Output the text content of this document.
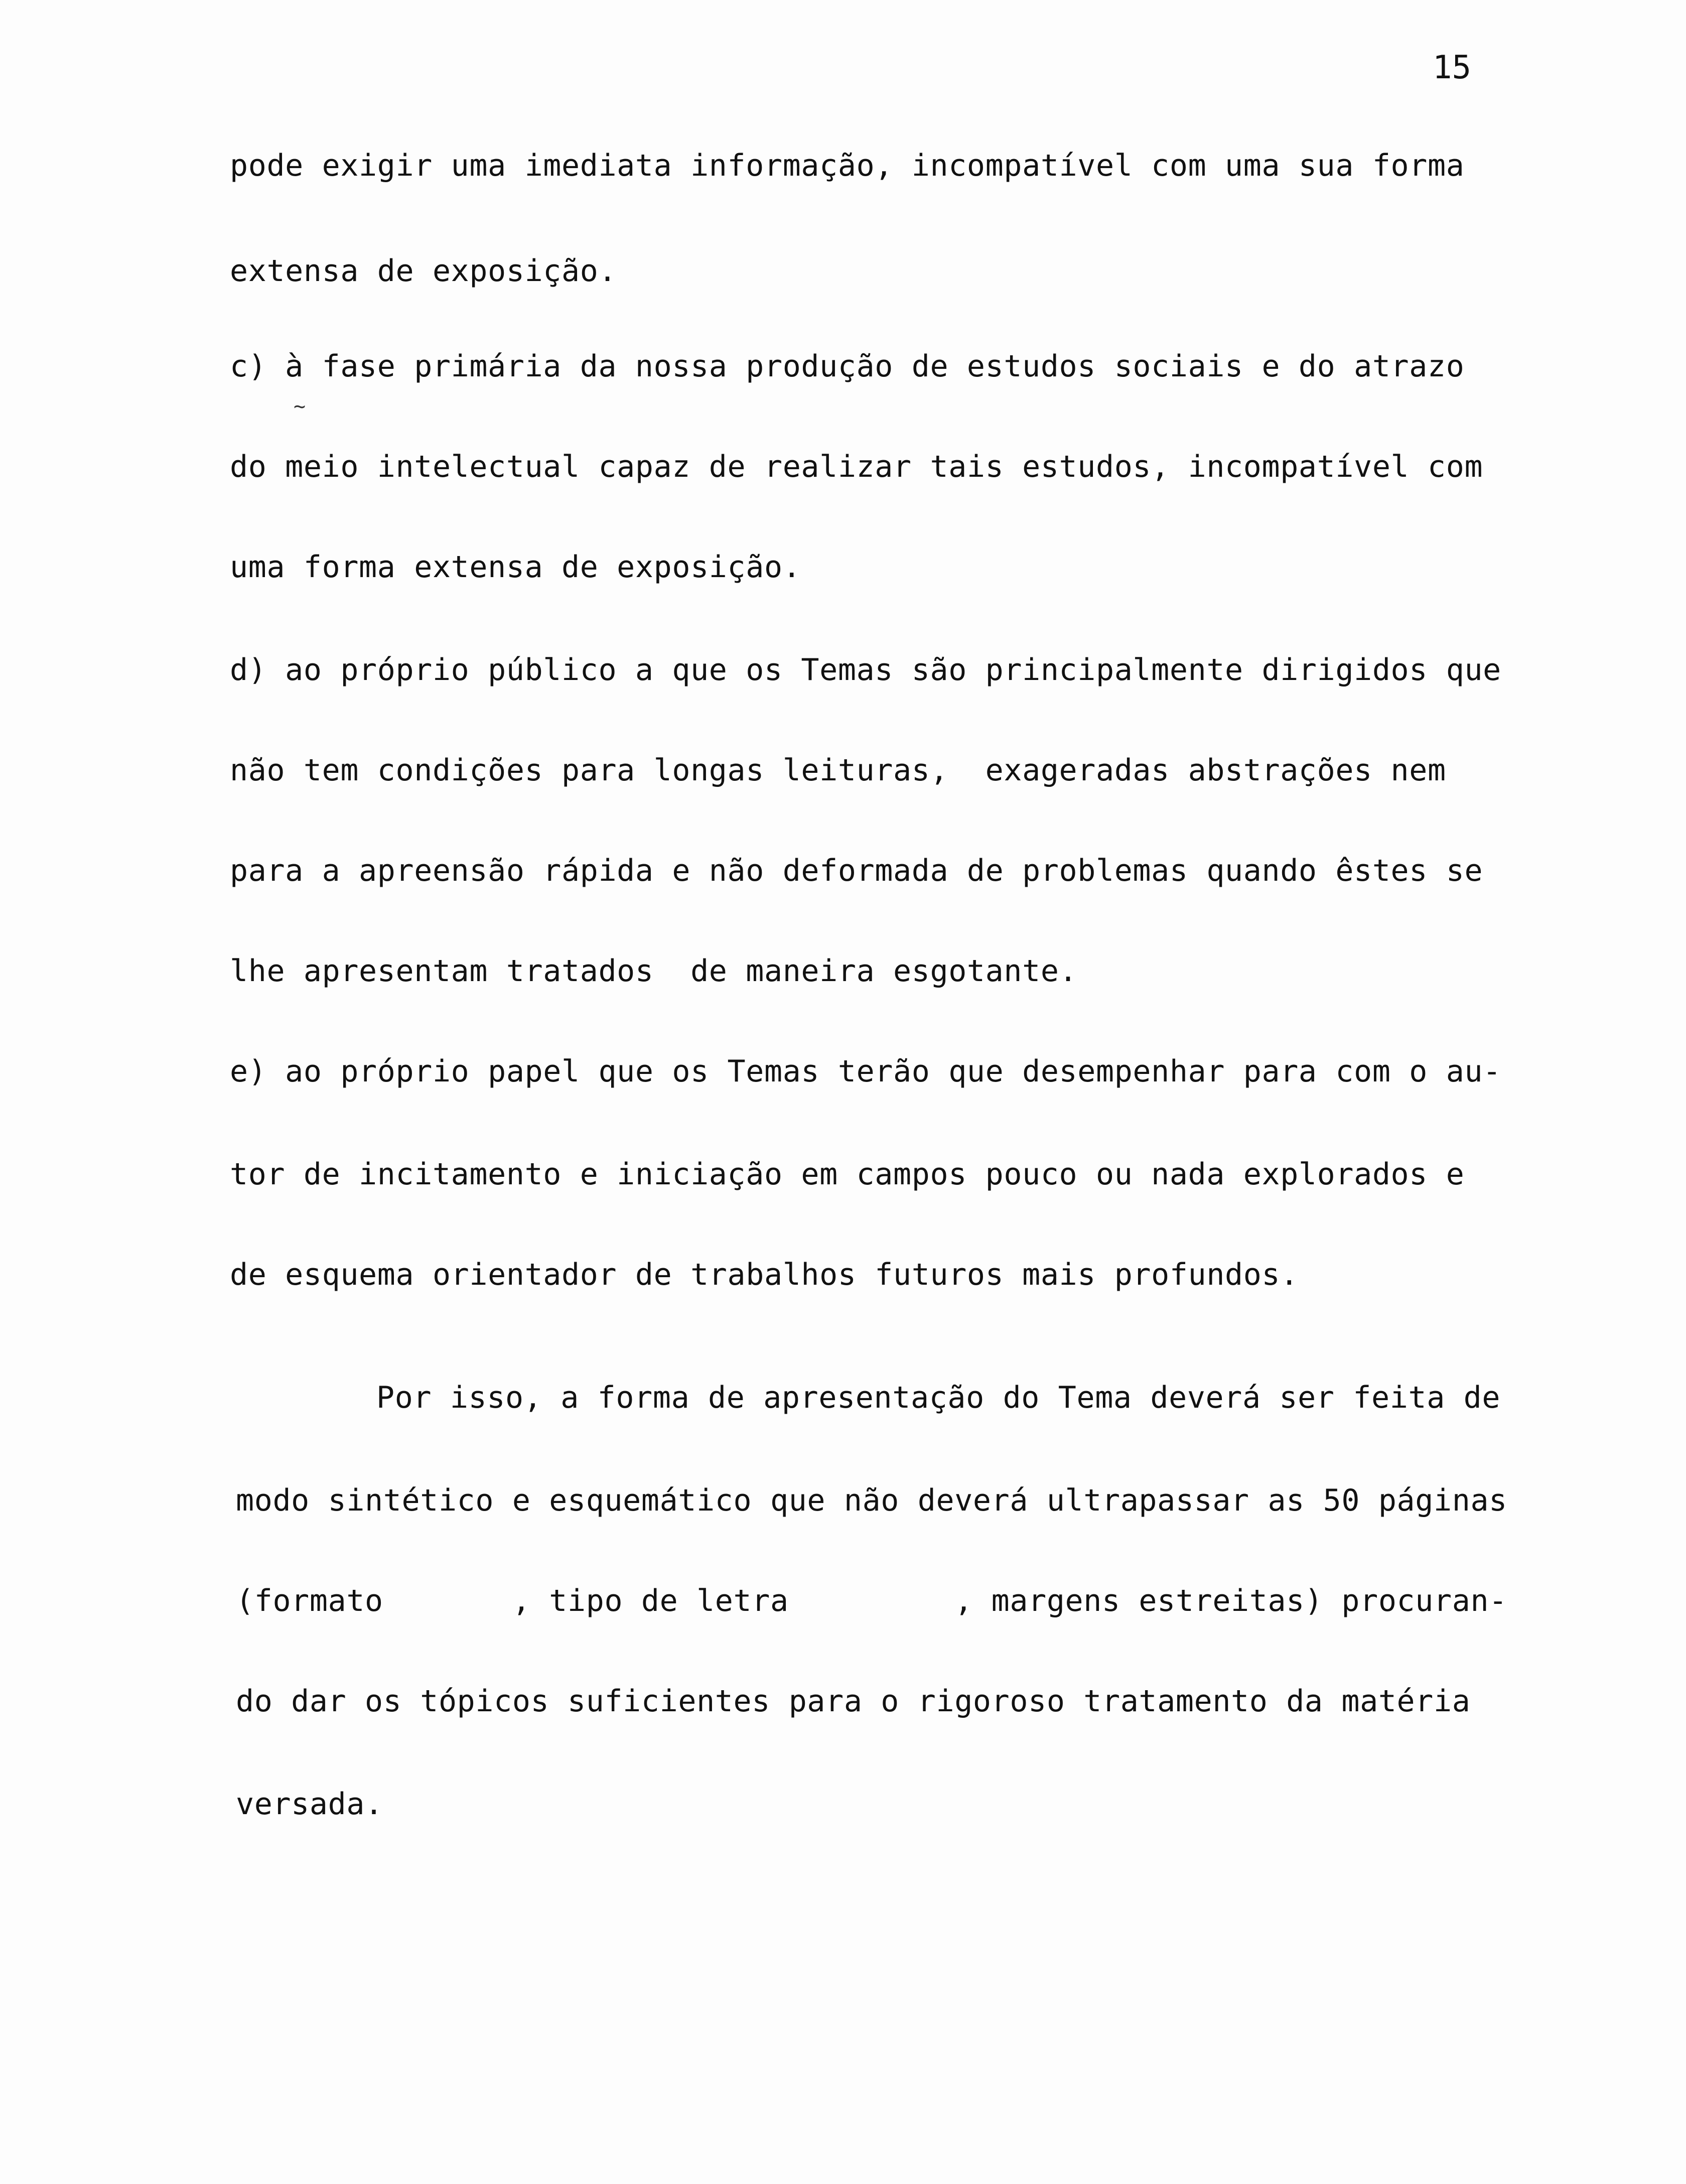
15
pode exigir uma imediata informação, incompatível com uma sua forma
extensa de exposição.
c) à fase primária da nossa produção de estudos sociais e do atrazo
~
do meio intelectual capaz de realizar tais estudos, incompatível com
uma forma extensa de exposição.
d) ao próprio público a que os Temas são principalmente dirigidos que
não tem condições para longas leituras,  exageradas abstrações nem
para a apreensão rápida e não deformada de problemas quando êstes se
lhe apresentam tratados  de maneira esgotante.
e) ao próprio papel que os Temas terão que desempenhar para com o au-
tor de incitamento e iniciação em campos pouco ou nada explorados e
de esquema orientador de trabalhos futuros mais profundos.
Por isso, a forma de apresentação do Tema deverá ser feita de
modo sintético e esquemático que não deverá ultrapassar as 50 páginas
(formato       , tipo de letra         , margens estreitas) procuran-
do dar os tópicos suficientes para o rigoroso tratamento da matéria
versada.
